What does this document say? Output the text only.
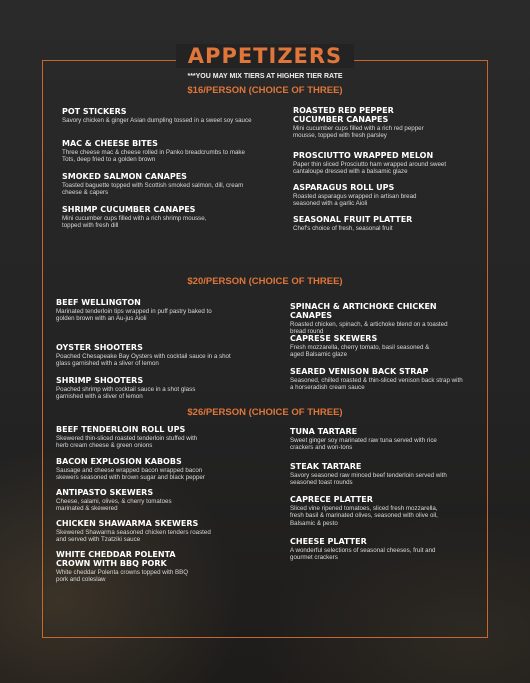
APPETIZERS
***YOU MAY MIX TIERS AT HIGHER TIER RATE
$16/PERSON (CHOICE OF THREE)
POT STICKERS
Savory chicken & ginger Asian dumpling tossed in a sweet soy sauce
MAC & CHEESE BITES
Three cheese mac & cheese rolled in Panko breadcrumbs to make Tots, deep fried to a golden brown
SMOKED SALMON CANAPES
Toasted baguette topped with Scottish smoked salmon, dill, cream cheese & capers
SHRIMP CUCUMBER CANAPES
Mini cucumber cups filled with a rich shrimp mousse, topped with fresh dill
ROASTED RED PEPPER
CUCUMBER CANAPES
Mini cucumber cups filled with a rich red pepper mousse, topped with fresh parsley
PROSCIUTTO WRAPPED MELON
Paper thin sliced Prosciutto ham wrapped around sweet cantaloupe dressed with a balsamic glaze
ASPARAGUS ROLL UPS
Roasted asparagus wrapped in artisan bread seasoned with a garlic Aioli
SEASONAL FRUIT PLATTER
Chef's choice of fresh, seasonal fruit
$20/PERSON (CHOICE OF THREE)
BEEF WELLINGTON
Marinated tenderloin tips wrapped in puff pastry baked to golden brown with an Au-jus Aioli
OYSTER SHOOTERS
Poached Chesapeake Bay Oysters with cocktail sauce in a shot glass garnished with a sliver of lemon
SHRIMP SHOOTERS
Poached shrimp with cocktail sauce in a shot glass garnished with a sliver of lemon
SPINACH & ARTICHOKE CHICKEN CANAPES
Roasted chicken, spinach, & artichoke blend on a toasted bread round
CAPRESE SKEWERS
Fresh mozzarella, cherry tomato, basil seasoned & aged Balsamic glaze
SEARED VENISON BACK STRAP
Seasoned, chilled roasted & thin-sliced venison back strap with a horseradish cream sauce
$26/PERSON (CHOICE OF THREE)
BEEF TENDERLOIN ROLL UPS
Skewered thin-sliced roasted tenderloin stuffed with herb cream cheese & green onions
BACON EXPLOSION KABOBS
Sausage and cheese wrapped bacon wrapped bacon skewers seasoned with brown sugar and black pepper
ANTIPASTO SKEWERS
Cheese, salami, olives, & cherry tomatoes marinated & skewered
CHICKEN SHAWARMA SKEWERS
Skewered Shawarma seasoned chicken tenders roasted and served with Tzatziki sauce
WHITE CHEDDAR POLENTA
CROWN WITH BBQ PORK
White cheddar Polenta crowns topped with BBQ pork and coleslaw
TUNA TARTARE
Sweet ginger soy marinated raw tuna served with rice crackers and won-tons
STEAK TARTARE
Savory seasoned raw minced beef tenderloin served with seasoned toast rounds
CAPRECE PLATTER
Sliced vine ripened tomatoes, sliced fresh mozzarella, fresh basil & marinated olives, seasoned with olive oil, Balsamic & pesto
CHEESE PLATTER
A wonderful selections of seasonal cheeses, fruit and gourmet crackers
